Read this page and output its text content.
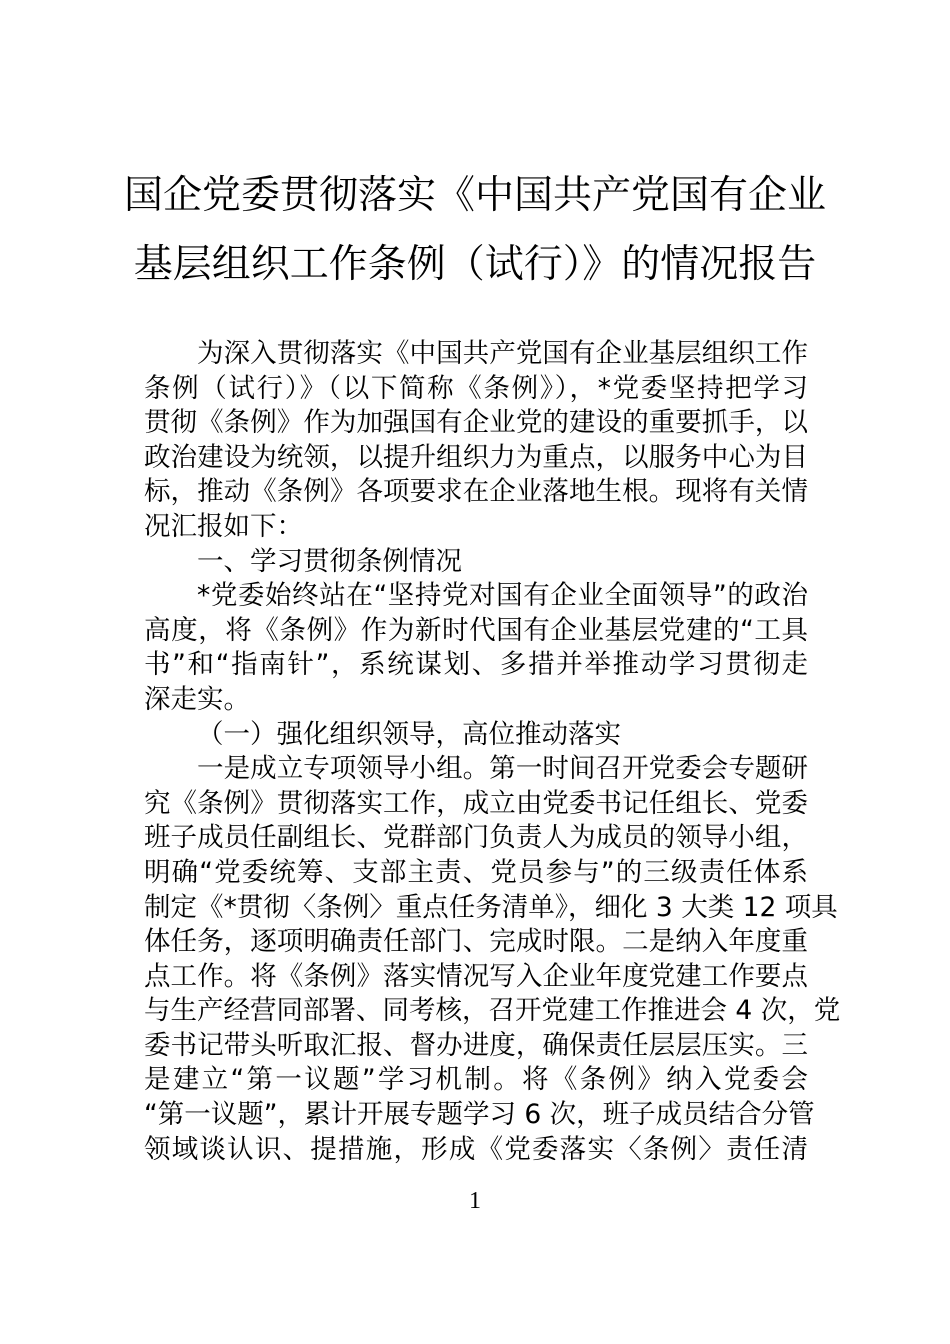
国企党委贯彻落实《中国共产党国有企业
基层组织工作条例（试行）》的情况报告
为深入贯彻落实《中国共产党国有企业基层组织工作
条例（试行）》（以下简称《条例》），*党委坚持把学习
贯彻《条例》作为加强国有企业党的建设的重要抓手，以
政治建设为统领，以提升组织力为重点，以服务中心为目
标，推动《条例》各项要求在企业落地生根。现将有关情
况汇报如下：
一、学习贯彻条例情况
*党委始终站在“坚持党对国有企业全面领导”的政治
高度，将《条例》作为新时代国有企业基层党建的“工具
书”和“指南针”，系统谋划、多措并举推动学习贯彻走
深走实。
（一）强化组织领导，高位推动落实
一是成立专项领导小组。第一时间召开党委会专题研
究《条例》贯彻落实工作，成立由党委书记任组长、党委
班子成员任副组长、党群部门负责人为成员的领导小组，
明确“党委统筹、支部主责、党员参与”的三级责任体系
制定《*贯彻〈条例〉重点任务清单》，细化 3 大类 12 项具
体任务，逐项明确责任部门、完成时限。二是纳入年度重
点工作。将《条例》落实情况写入企业年度党建工作要点
与生产经营同部署、同考核，召开党建工作推进会 4 次，党
委书记带头听取汇报、督办进度，确保责任层层压实。三
是建立“第一议题”学习机制。将《条例》纳入党委会
“第一议题”，累计开展专题学习 6 次，班子成员结合分管
领域谈认识、提措施，形成《党委落实〈条例〉责任清
1
